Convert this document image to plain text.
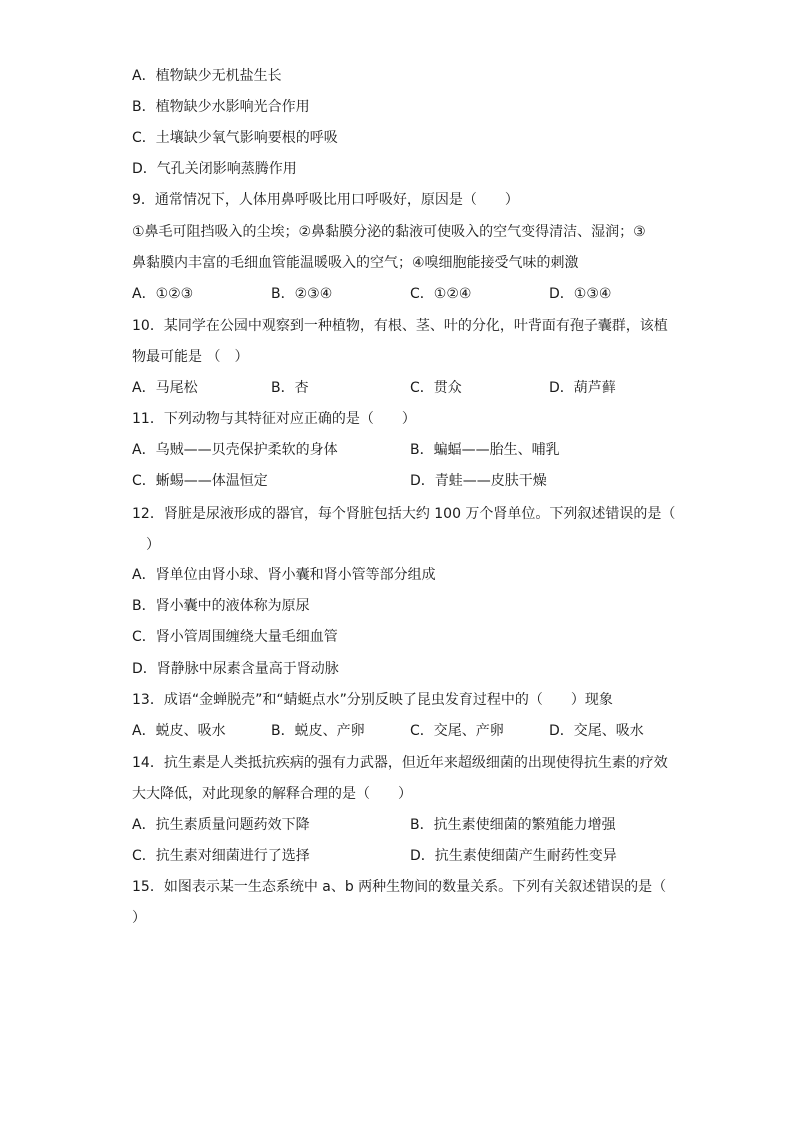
A．植物缺少无机盐生长
B．植物缺少水影响光合作用
C．土壤缺少氧气影响要根的呼吸
D．气孔关闭影响蒸腾作用
9．通常情况下，人体用鼻呼吸比用口呼吸好，原因是（　　）
①鼻毛可阻挡吸入的尘埃；②鼻黏膜分泌的黏液可使吸入的空气变得清洁、湿润；③
鼻黏膜内丰富的毛细血管能温暖吸入的空气；④嗅细胞能接受气味的刺激
A．①②③	B．②③④	C．①②④	D．①③④
10．某同学在公园中观察到一种植物，有根、茎、叶的分化，叶背面有孢子囊群，该植
物最可能是 （　）
A．马尾松	B．杏	C．贯众	D．葫芦藓
11．下列动物与其特征对应正确的是（　　）
A．乌贼——贝壳保护柔软的身体	B．蝙蝠——胎生、哺乳
C．蜥蜴——体温恒定	D．青蛙——皮肤干燥
12．肾脏是尿液形成的器官，每个肾脏包括大约 100 万个肾单位。下列叙述错误的是（
）
A．肾单位由肾小球、肾小囊和肾小管等部分组成
B．肾小囊中的液体称为原尿
C．肾小管周围缠绕大量毛细血管
D．肾静脉中尿素含量高于肾动脉
13．成语“金蝉脱壳”和“蜻蜓点水”分别反映了昆虫发育过程中的（　　）现象
A．蜕皮、吸水	B．蜕皮、产卵	C．交尾、产卵	D．交尾、吸水
14．抗生素是人类抵抗疾病的强有力武器，但近年来超级细菌的出现使得抗生素的疗效
大大降低，对此现象的解释合理的是（　　）
A．抗生素质量问题药效下降	B．抗生素使细菌的繁殖能力增强
C．抗生素对细菌进行了选择	D．抗生素使细菌产生耐药性变异
15．如图表示某一生态系统中 a、b 两种生物间的数量关系。下列有关叙述错误的是（
）
